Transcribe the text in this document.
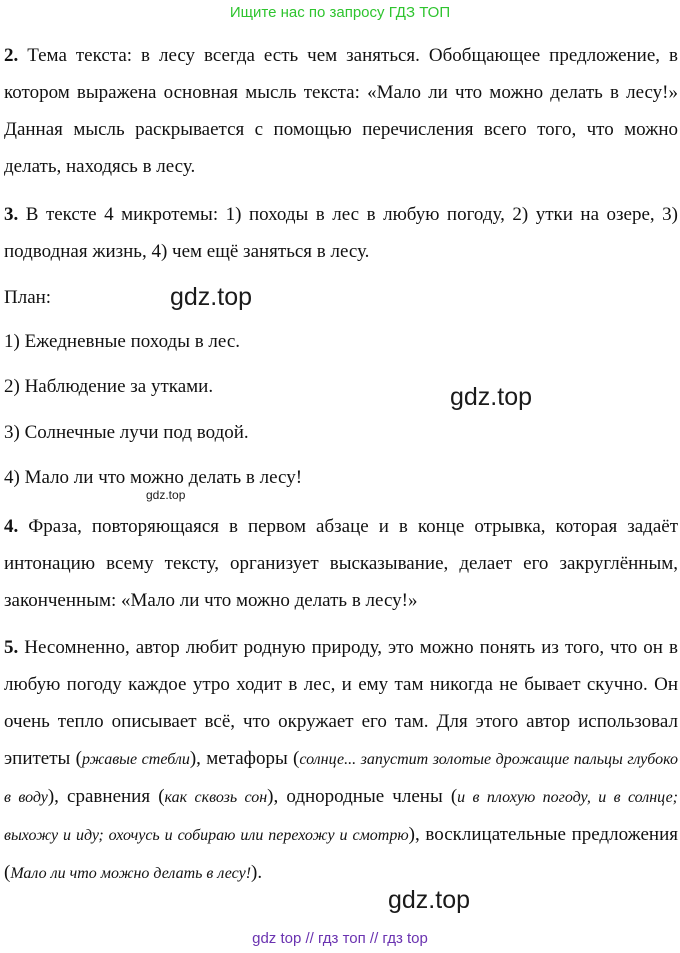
Ищите нас по запросу ГДЗ ТОП
2. Тема текста: в лесу всегда есть чем заняться. Обобщающее предложение, в котором выражена основная мысль текста: «Мало ли что можно делать в лесу!» Данная мысль раскрывается с помощью перечисления всего того, что можно делать, находясь в лесу.
3. В тексте 4 микротемы: 1) походы в лес в любую погоду, 2) утки на озере, 3) подводная жизнь, 4) чем ещё заняться в лесу.
План:
1) Ежедневные походы в лес.
2) Наблюдение за утками.
3) Солнечные лучи под водой.
4) Мало ли что можно делать в лесу!
4. Фраза, повторяющаяся в первом абзаце и в конце отрывка, которая задаёт интонацию всему тексту, организует высказывание, делает его закруглённым, законченным: «Мало ли что можно делать в лесу!»
5. Несомненно, автор любит родную природу, это можно понять из того, что он в любую погоду каждое утро ходит в лес, и ему там никогда не бывает скучно. Он очень тепло описывает всё, что окружает его там. Для этого автор использовал эпитеты (ржавые стебли), метафоры (солнце... запустит золотые дрожащие пальцы глубоко в воду), сравнения (как сквозь сон), однородные члены (и в плохую погоду, и в солнце; выхожу и иду; охочусь и собираю или перехожу и смотрю), восклицательные предложения (Мало ли что можно делать в лесу!).
gdz.top
gdz.top
gdz.top
gdz.top
gdz top // гдз топ // гдз top
